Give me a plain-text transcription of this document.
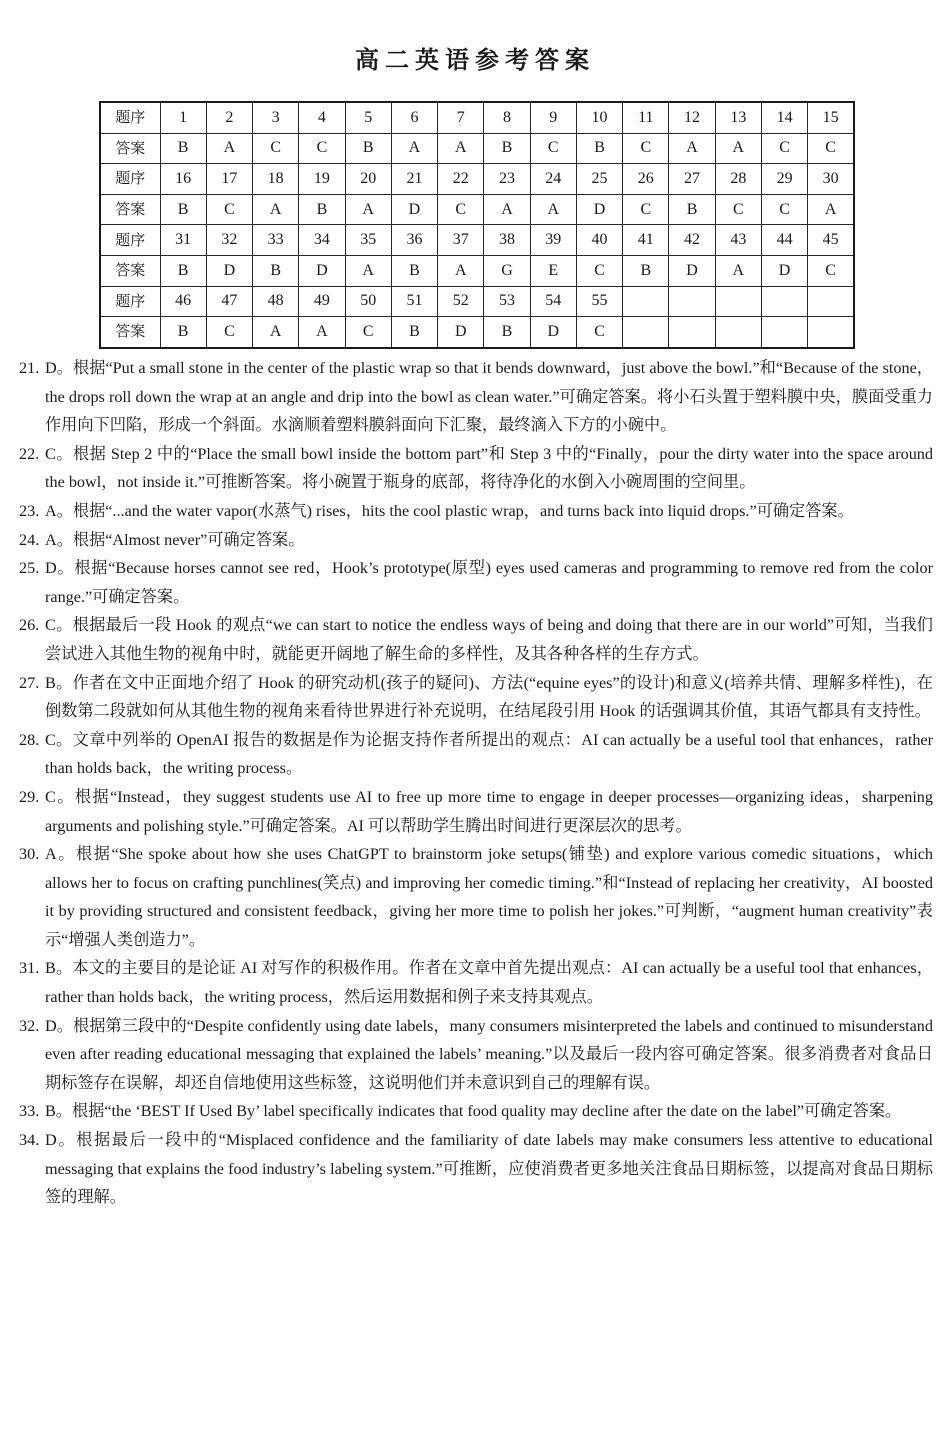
高二英语参考答案
题序	1	2	3	4	5	6	7	8	9	10	11	12	13	14	15
答案	B	A	C	C	B	A	A	B	C	B	C	A	A	C	C
题序	16	17	18	19	20	21	22	23	24	25	26	27	28	29	30
答案	B	C	A	B	A	D	C	A	A	D	C	B	C	C	A
题序	31	32	33	34	35	36	37	38	39	40	41	42	43	44	45
答案	B	D	B	D	A	B	A	G	E	C	B	D	A	D	C
题序	46	47	48	49	50	51	52	53	54	55					
答案	B	C	A	A	C	B	D	B	D	C					
21. D。根据“Put a small stone in the center of the plastic wrap so that it bends downward，just above the bowl.”和“Because of the stone，the drops roll down the wrap at an angle and drip into the bowl as clean water.”可确定答案。将小石头置于塑料膜中央，膜面受重力作用向下凹陷，形成一个斜面。水滴顺着塑料膜斜面向下汇聚，最终滴入下方的小碗中。
22. C。根据 Step 2 中的“Place the small bowl inside the bottom part”和 Step 3 中的“Finally，pour the dirty water into the space around the bowl，not inside it.”可推断答案。将小碗置于瓶身的底部，将待净化的水倒入小碗周围的空间里。
23. A。根据“...and the water vapor(水蒸气) rises，hits the cool plastic wrap，and turns back into liquid drops.”可确定答案。
24. A。根据“Almost never”可确定答案。
25. D。根据“Because horses cannot see red，Hook’s prototype(原型) eyes used cameras and programming to remove red from the color range.”可确定答案。
26. C。根据最后一段 Hook 的观点“we can start to notice the endless ways of being and doing that there are in our world”可知，当我们尝试进入其他生物的视角中时，就能更开阔地了解生命的多样性，及其各种各样的生存方式。
27. B。作者在文中正面地介绍了 Hook 的研究动机(孩子的疑问)、方法(“equine eyes”的设计)和意义(培养共情、理解多样性)，在倒数第二段就如何从其他生物的视角来看待世界进行补充说明，在结尾段引用 Hook 的话强调其价值，其语气都具有支持性。
28. C。文章中列举的 OpenAI 报告的数据是作为论据支持作者所提出的观点：AI can actually be a useful tool that enhances，rather than holds back，the writing process。
29. C。根据“Instead，they suggest students use AI to free up more time to engage in deeper processes—organizing ideas，sharpening arguments and polishing style.”可确定答案。AI 可以帮助学生腾出时间进行更深层次的思考。
30. A。根据“She spoke about how she uses ChatGPT to brainstorm joke setups(铺垫) and explore various comedic situations，which allows her to focus on crafting punchlines(笑点) and improving her comedic timing.”和“Instead of replacing her creativity，AI boosted it by providing structured and consistent feedback，giving her more time to polish her jokes.”可判断，“augment human creativity”表示“增强人类创造力”。
31. B。本文的主要目的是论证 AI 对写作的积极作用。作者在文章中首先提出观点：AI can actually be a useful tool that enhances，rather than holds back，the writing process，然后运用数据和例子来支持其观点。
32. D。根据第三段中的“Despite confidently using date labels，many consumers misinterpreted the labels and continued to misunderstand even after reading educational messaging that explained the labels’ meaning.”以及最后一段内容可确定答案。很多消费者对食品日期标签存在误解，却还自信地使用这些标签，这说明他们并未意识到自己的理解有误。
33. B。根据“the ‘BEST If Used By’ label specifically indicates that food quality may decline after the date on the label”可确定答案。
34. D。根据最后一段中的“Misplaced confidence and the familiarity of date labels may make consumers less attentive to educational messaging that explains the food industry’s labeling system.”可推断，应使消费者更多地关注食品日期标签，以提高对食品日期标签的理解。
